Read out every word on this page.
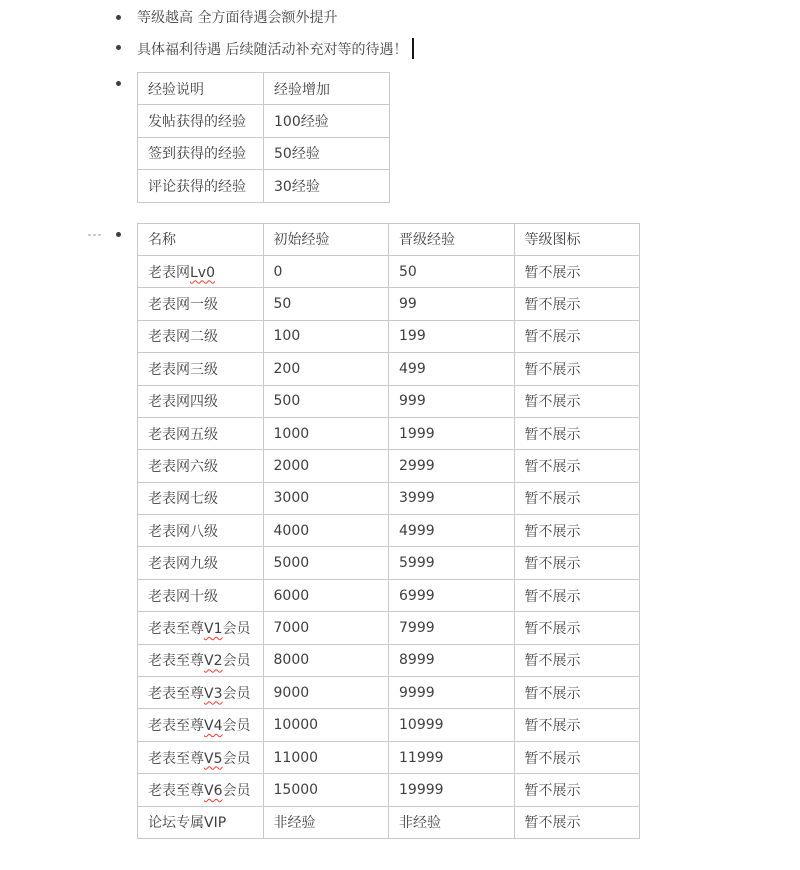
等级越高 全方面待遇会额外提升
具体福利待遇 后续随活动补充对等的待遇！
经验说明	经验增加
发帖获得的经验	100经验
签到获得的经验	50经验
评论获得的经验	30经验
名称	初始经验	晋级经验	等级图标
老表网Lv0	0	50	暂不展示
老表网一级	50	99	暂不展示
老表网二级	100	199	暂不展示
老表网三级	200	499	暂不展示
老表网四级	500	999	暂不展示
老表网五级	1000	1999	暂不展示
老表网六级	2000	2999	暂不展示
老表网七级	3000	3999	暂不展示
老表网八级	4000	4999	暂不展示
老表网九级	5000	5999	暂不展示
老表网十级	6000	6999	暂不展示
老表至尊V1会员	7000	7999	暂不展示
老表至尊V2会员	8000	8999	暂不展示
老表至尊V3会员	9000	9999	暂不展示
老表至尊V4会员	10000	10999	暂不展示
老表至尊V5会员	11000	11999	暂不展示
老表至尊V6会员	15000	19999	暂不展示
论坛专属VIP	非经验	非经验	暂不展示
